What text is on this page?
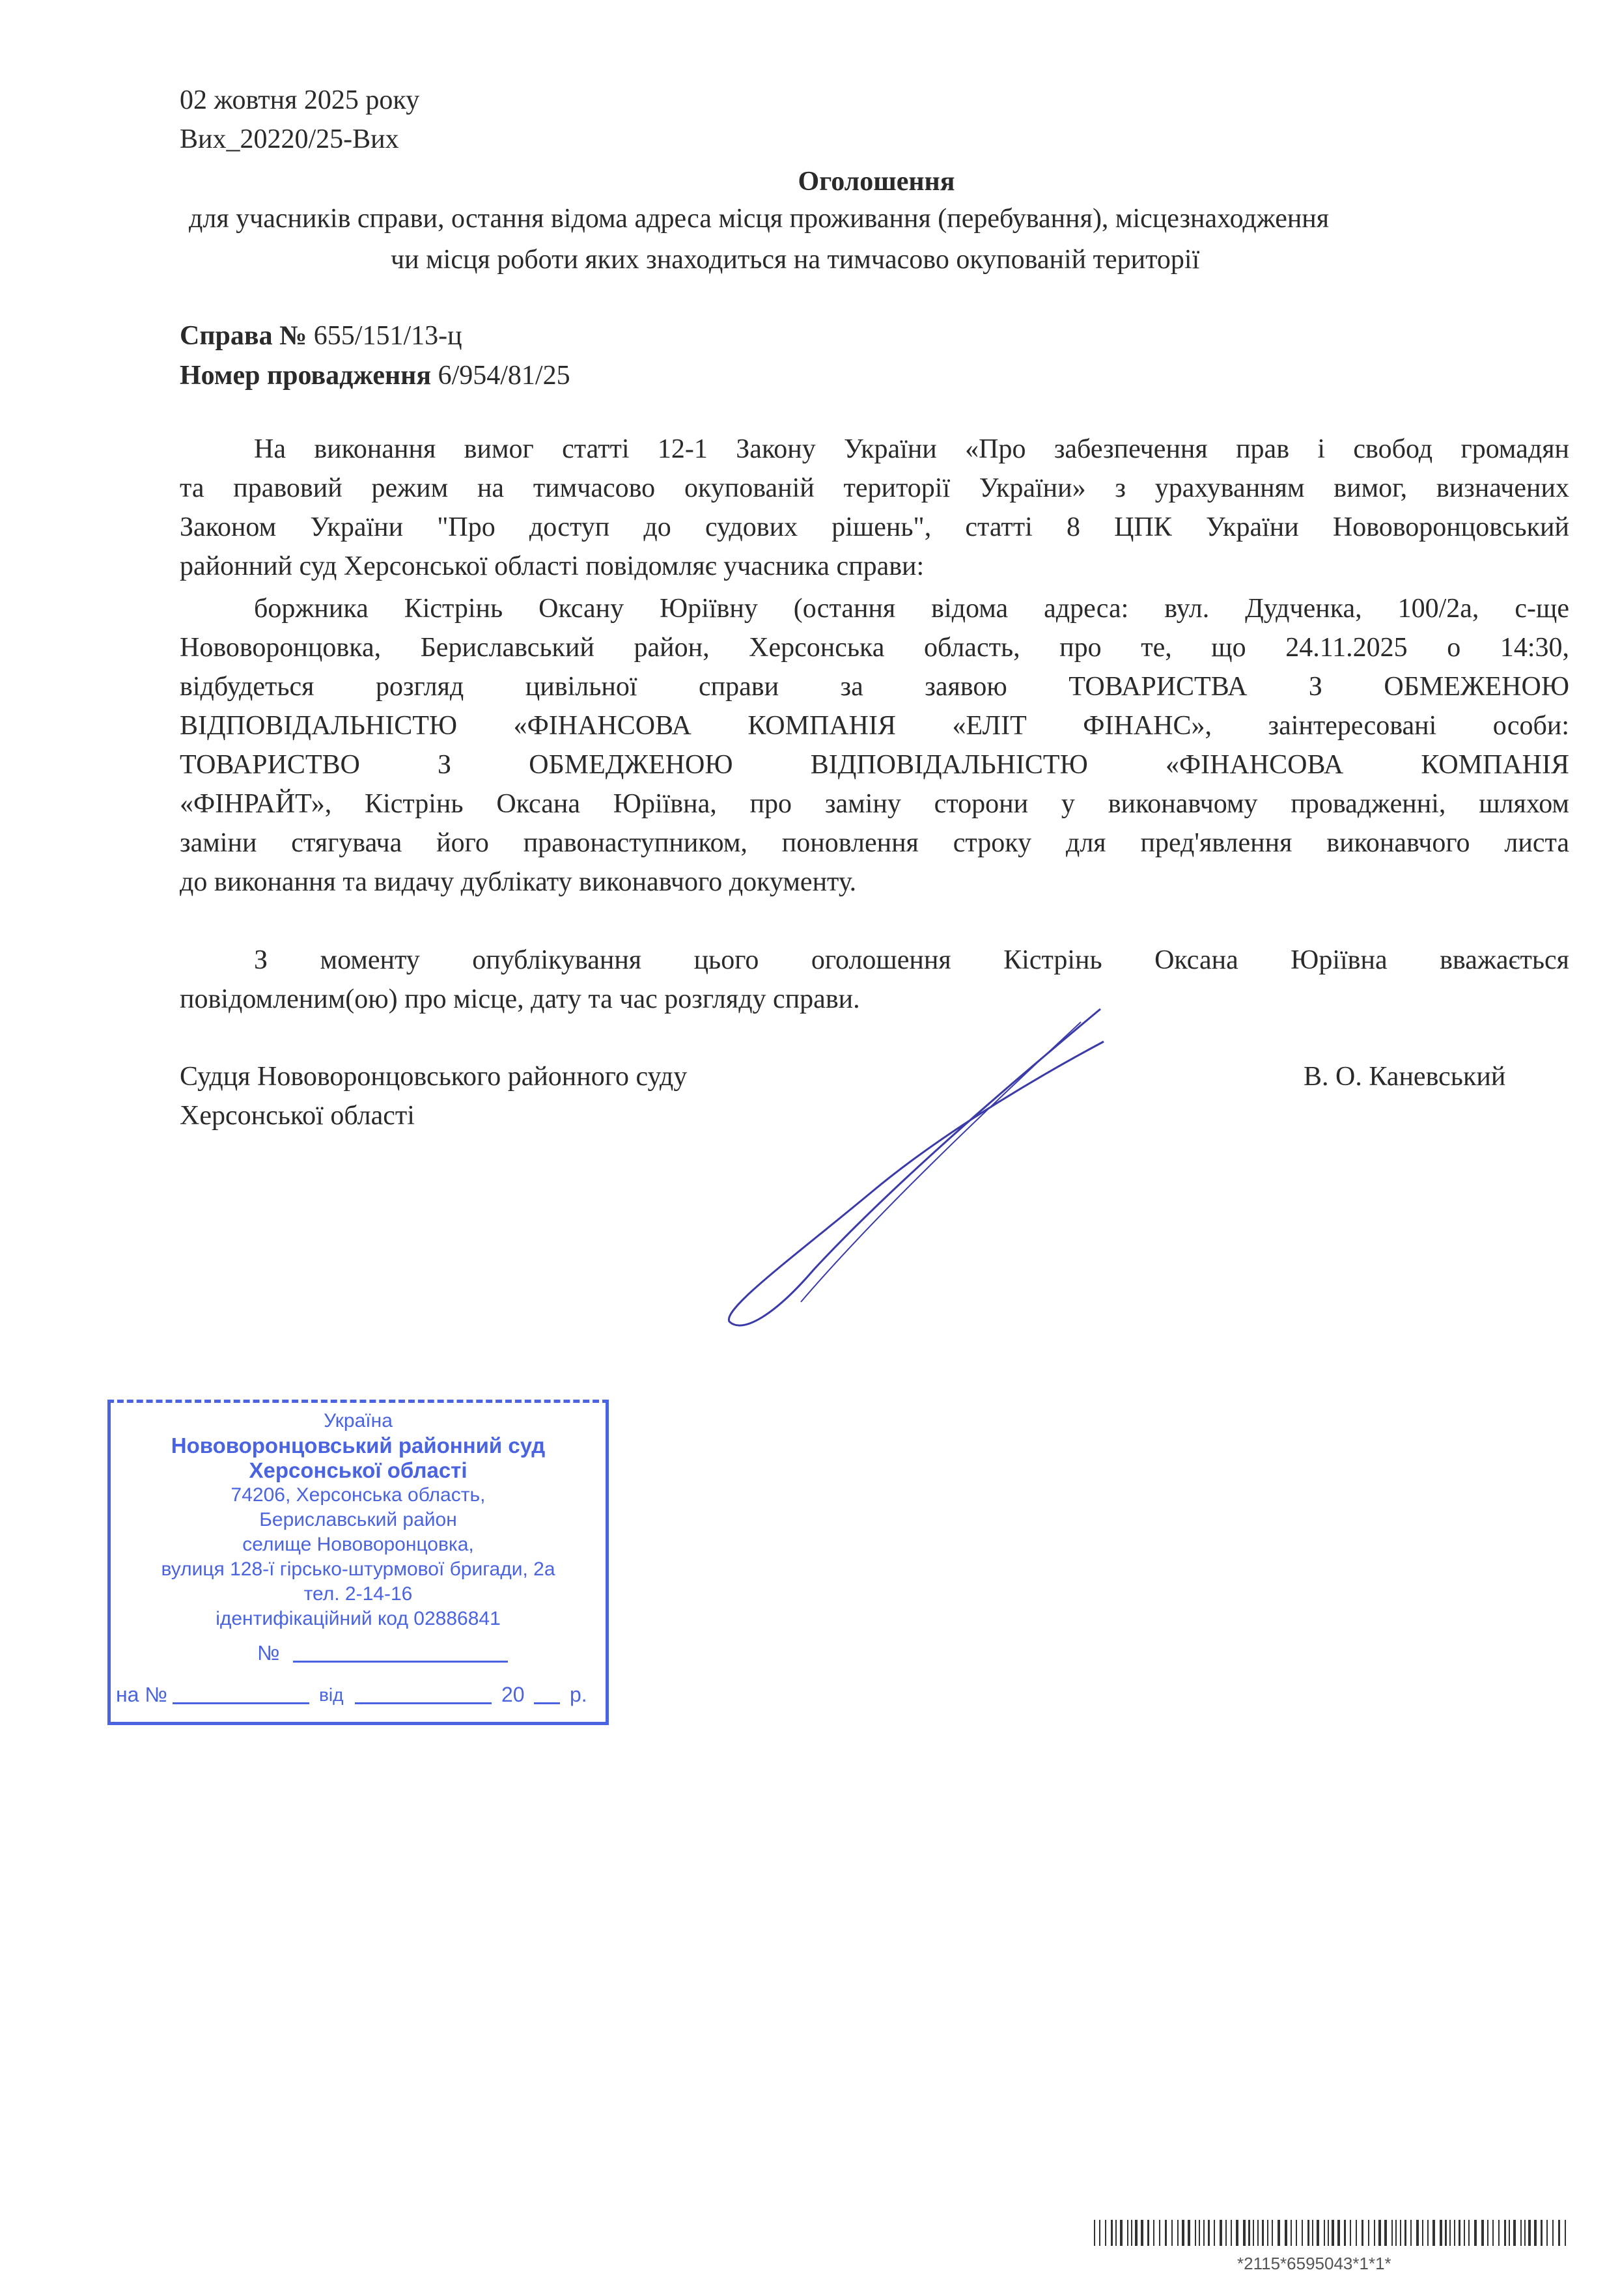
02 жовтня 2025 року
Вих_20220/25-Вих
Оголошення
для учасників справи, остання відома адреса місця проживання (перебування), місцезнаходження
чи місця роботи яких знаходиться на тимчасово окупованій території
Справа № 655/151/13-ц
Номер провадження 6/954/81/25
На виконання вимог статті 12-1 Закону України «Про забезпечення прав і свобод громадян
та правовий режим на тимчасово окупованій території України» з урахуванням вимог, визначених
Законом України "Про доступ до судових рішень", статті 8 ЦПК України Нововоронцовський
районний суд Херсонської області повідомляє учасника справи:
боржника Кістрінь Оксану Юріївну (остання відома адреса: вул. Дудченка, 100/2а, с-ще
Нововоронцовка, Бериславський район, Херсонська область, про те, що 24.11.2025 о 14:30,
відбудеться розгляд цивільної справи за заявою ТОВАРИСТВА З ОБМЕЖЕНОЮ
ВІДПОВІДАЛЬНІСТЮ «ФІНАНСОВА КОМПАНІЯ «ЕЛІТ ФІНАНС», заінтересовані особи:
ТОВАРИСТВО З ОБМЕДЖЕНОЮ ВІДПОВІДАЛЬНІСТЮ «ФІНАНСОВА КОМПАНІЯ
«ФІНРАЙТ», Кістрінь Оксана Юріївна, про заміну сторони у виконавчому провадженні, шляхом
заміни стягувача його правонаступником, поновлення строку для пред'явлення виконавчого листа
до виконання та видачу дублікату виконавчого документу.
З моменту опублікування цього оголошення Кістрінь Оксана Юріївна вважається
повідомленим(ою) про місце, дату та час розгляду справи.
Судця Нововоронцовського районного суду
Херсонської області
В. О. Каневський
Україна
Нововоронцовський районний суд
Херсонської області
74206, Херсонська область,
Бериславський район
селище Нововоронцовка,
вулиця 128-ї гірсько-штурмової бригади, 2а
тел. 2-14-16
ідентифікаційний код 02886841
№
на №	від	20 р.
*2115*6595043*1*1*
